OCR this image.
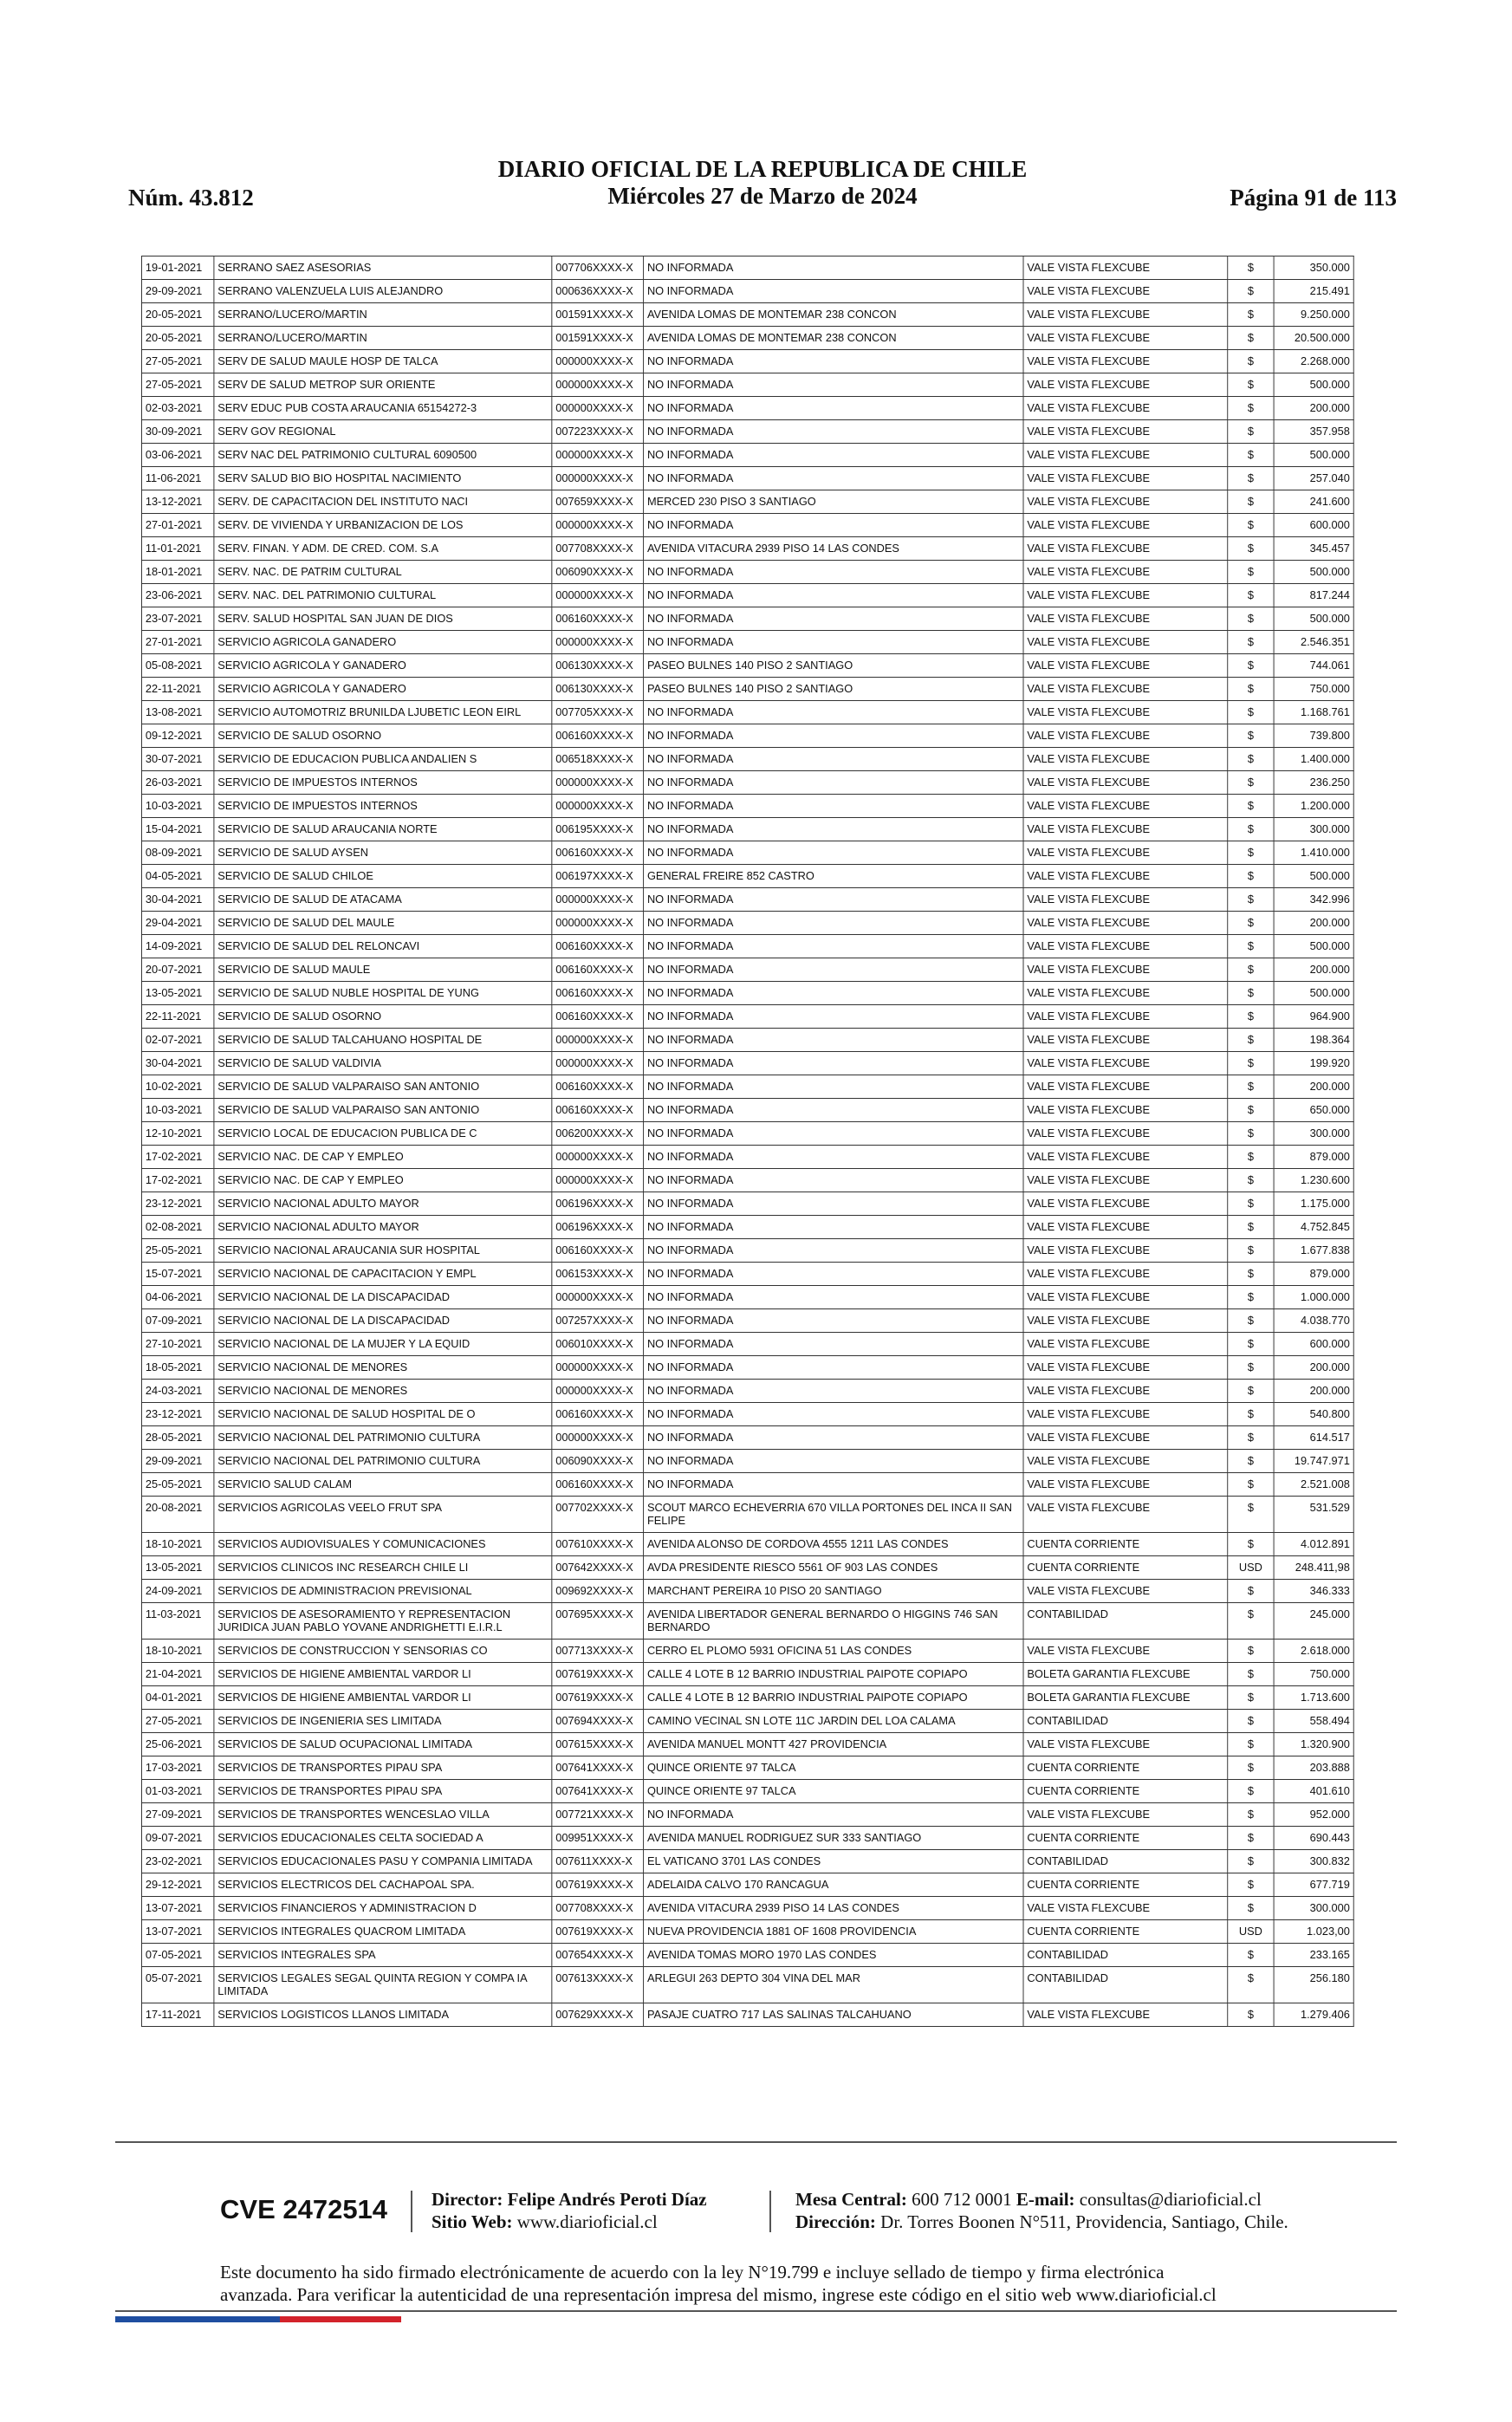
Núm. 43.812
DIARIO OFICIAL DE LA REPUBLICA DE CHILE
Miércoles 27 de Marzo de 2024	Página 91 de 113
19-01-2021	SERRANO SAEZ ASESORIAS	007706XXXX-X	NO INFORMADA	VALE VISTA FLEXCUBE	$	350.000
29-09-2021	SERRANO VALENZUELA LUIS ALEJANDRO	000636XXXX-X	NO INFORMADA	VALE VISTA FLEXCUBE	$	215.491
20-05-2021	SERRANO/LUCERO/MARTIN	001591XXXX-X	AVENIDA LOMAS DE MONTEMAR 238 CONCON	VALE VISTA FLEXCUBE	$	9.250.000
20-05-2021	SERRANO/LUCERO/MARTIN	001591XXXX-X	AVENIDA LOMAS DE MONTEMAR 238 CONCON	VALE VISTA FLEXCUBE	$	20.500.000
27-05-2021	SERV DE SALUD MAULE HOSP DE TALCA	000000XXXX-X	NO INFORMADA	VALE VISTA FLEXCUBE	$	2.268.000
27-05-2021	SERV DE SALUD METROP SUR ORIENTE	000000XXXX-X	NO INFORMADA	VALE VISTA FLEXCUBE	$	500.000
02-03-2021	SERV EDUC PUB COSTA ARAUCANIA 65154272-3	000000XXXX-X	NO INFORMADA	VALE VISTA FLEXCUBE	$	200.000
30-09-2021	SERV GOV REGIONAL	007223XXXX-X	NO INFORMADA	VALE VISTA FLEXCUBE	$	357.958
03-06-2021	SERV NAC DEL PATRIMONIO CULTURAL 6090500	000000XXXX-X	NO INFORMADA	VALE VISTA FLEXCUBE	$	500.000
11-06-2021	SERV SALUD BIO BIO HOSPITAL NACIMIENTO	000000XXXX-X	NO INFORMADA	VALE VISTA FLEXCUBE	$	257.040
13-12-2021	SERV. DE CAPACITACION DEL INSTITUTO NACI	007659XXXX-X	MERCED 230 PISO 3 SANTIAGO	VALE VISTA FLEXCUBE	$	241.600
27-01-2021	SERV. DE VIVIENDA Y URBANIZACION DE LOS	000000XXXX-X	NO INFORMADA	VALE VISTA FLEXCUBE	$	600.000
11-01-2021	SERV. FINAN. Y ADM. DE CRED. COM. S.A	007708XXXX-X	AVENIDA VITACURA 2939 PISO 14 LAS CONDES	VALE VISTA FLEXCUBE	$	345.457
18-01-2021	SERV. NAC. DE PATRIM CULTURAL	006090XXXX-X	NO INFORMADA	VALE VISTA FLEXCUBE	$	500.000
23-06-2021	SERV. NAC. DEL PATRIMONIO CULTURAL	000000XXXX-X	NO INFORMADA	VALE VISTA FLEXCUBE	$	817.244
23-07-2021	SERV. SALUD HOSPITAL SAN JUAN DE DIOS	006160XXXX-X	NO INFORMADA	VALE VISTA FLEXCUBE	$	500.000
27-01-2021	SERVICIO AGRICOLA GANADERO	000000XXXX-X	NO INFORMADA	VALE VISTA FLEXCUBE	$	2.546.351
05-08-2021	SERVICIO AGRICOLA Y GANADERO	006130XXXX-X	PASEO BULNES 140 PISO 2 SANTIAGO	VALE VISTA FLEXCUBE	$	744.061
22-11-2021	SERVICIO AGRICOLA Y GANADERO	006130XXXX-X	PASEO BULNES 140 PISO 2 SANTIAGO	VALE VISTA FLEXCUBE	$	750.000
13-08-2021	SERVICIO AUTOMOTRIZ BRUNILDA LJUBETIC LEON EIRL	007705XXXX-X	NO INFORMADA	VALE VISTA FLEXCUBE	$	1.168.761
09-12-2021	SERVICIO DE SALUD OSORNO	006160XXXX-X	NO INFORMADA	VALE VISTA FLEXCUBE	$	739.800
30-07-2021	SERVICIO DE EDUCACION PUBLICA ANDALIEN S	006518XXXX-X	NO INFORMADA	VALE VISTA FLEXCUBE	$	1.400.000
26-03-2021	SERVICIO DE IMPUESTOS INTERNOS	000000XXXX-X	NO INFORMADA	VALE VISTA FLEXCUBE	$	236.250
10-03-2021	SERVICIO DE IMPUESTOS INTERNOS	000000XXXX-X	NO INFORMADA	VALE VISTA FLEXCUBE	$	1.200.000
15-04-2021	SERVICIO DE SALUD ARAUCANIA NORTE	006195XXXX-X	NO INFORMADA	VALE VISTA FLEXCUBE	$	300.000
08-09-2021	SERVICIO DE SALUD AYSEN	006160XXXX-X	NO INFORMADA	VALE VISTA FLEXCUBE	$	1.410.000
04-05-2021	SERVICIO DE SALUD CHILOE	006197XXXX-X	GENERAL FREIRE 852 CASTRO	VALE VISTA FLEXCUBE	$	500.000
30-04-2021	SERVICIO DE SALUD DE ATACAMA	000000XXXX-X	NO INFORMADA	VALE VISTA FLEXCUBE	$	342.996
29-04-2021	SERVICIO DE SALUD DEL MAULE	000000XXXX-X	NO INFORMADA	VALE VISTA FLEXCUBE	$	200.000
14-09-2021	SERVICIO DE SALUD DEL RELONCAVI	006160XXXX-X	NO INFORMADA	VALE VISTA FLEXCUBE	$	500.000
20-07-2021	SERVICIO DE SALUD MAULE	006160XXXX-X	NO INFORMADA	VALE VISTA FLEXCUBE	$	200.000
13-05-2021	SERVICIO DE SALUD NUBLE HOSPITAL DE YUNG	006160XXXX-X	NO INFORMADA	VALE VISTA FLEXCUBE	$	500.000
22-11-2021	SERVICIO DE SALUD OSORNO	006160XXXX-X	NO INFORMADA	VALE VISTA FLEXCUBE	$	964.900
02-07-2021	SERVICIO DE SALUD TALCAHUANO HOSPITAL DE	000000XXXX-X	NO INFORMADA	VALE VISTA FLEXCUBE	$	198.364
30-04-2021	SERVICIO DE SALUD VALDIVIA	000000XXXX-X	NO INFORMADA	VALE VISTA FLEXCUBE	$	199.920
10-02-2021	SERVICIO DE SALUD VALPARAISO SAN ANTONIO	006160XXXX-X	NO INFORMADA	VALE VISTA FLEXCUBE	$	200.000
10-03-2021	SERVICIO DE SALUD VALPARAISO SAN ANTONIO	006160XXXX-X	NO INFORMADA	VALE VISTA FLEXCUBE	$	650.000
12-10-2021	SERVICIO LOCAL DE EDUCACION PUBLICA DE C	006200XXXX-X	NO INFORMADA	VALE VISTA FLEXCUBE	$	300.000
17-02-2021	SERVICIO NAC. DE CAP Y EMPLEO	000000XXXX-X	NO INFORMADA	VALE VISTA FLEXCUBE	$	879.000
17-02-2021	SERVICIO NAC. DE CAP Y EMPLEO	000000XXXX-X	NO INFORMADA	VALE VISTA FLEXCUBE	$	1.230.600
23-12-2021	SERVICIO NACIONAL ADULTO MAYOR	006196XXXX-X	NO INFORMADA	VALE VISTA FLEXCUBE	$	1.175.000
02-08-2021	SERVICIO NACIONAL ADULTO MAYOR	006196XXXX-X	NO INFORMADA	VALE VISTA FLEXCUBE	$	4.752.845
25-05-2021	SERVICIO NACIONAL ARAUCANIA SUR HOSPITAL	006160XXXX-X	NO INFORMADA	VALE VISTA FLEXCUBE	$	1.677.838
15-07-2021	SERVICIO NACIONAL DE CAPACITACION Y EMPL	006153XXXX-X	NO INFORMADA	VALE VISTA FLEXCUBE	$	879.000
04-06-2021	SERVICIO NACIONAL DE LA DISCAPACIDAD	000000XXXX-X	NO INFORMADA	VALE VISTA FLEXCUBE	$	1.000.000
07-09-2021	SERVICIO NACIONAL DE LA DISCAPACIDAD	007257XXXX-X	NO INFORMADA	VALE VISTA FLEXCUBE	$	4.038.770
27-10-2021	SERVICIO NACIONAL DE LA MUJER Y LA EQUID	006010XXXX-X	NO INFORMADA	VALE VISTA FLEXCUBE	$	600.000
18-05-2021	SERVICIO NACIONAL DE MENORES	000000XXXX-X	NO INFORMADA	VALE VISTA FLEXCUBE	$	200.000
24-03-2021	SERVICIO NACIONAL DE MENORES	000000XXXX-X	NO INFORMADA	VALE VISTA FLEXCUBE	$	200.000
23-12-2021	SERVICIO NACIONAL DE SALUD HOSPITAL DE O	006160XXXX-X	NO INFORMADA	VALE VISTA FLEXCUBE	$	540.800
28-05-2021	SERVICIO NACIONAL DEL PATRIMONIO CULTURA	000000XXXX-X	NO INFORMADA	VALE VISTA FLEXCUBE	$	614.517
29-09-2021	SERVICIO NACIONAL DEL PATRIMONIO CULTURA	006090XXXX-X	NO INFORMADA	VALE VISTA FLEXCUBE	$	19.747.971
25-05-2021	SERVICIO SALUD CALAM	006160XXXX-X	NO INFORMADA	VALE VISTA FLEXCUBE	$	2.521.008
20-08-2021	SERVICIOS AGRICOLAS VEELO FRUT SPA	007702XXXX-X	SCOUT MARCO ECHEVERRIA 670 VILLA PORTONES DEL INCA II SAN FELIPE	VALE VISTA FLEXCUBE	$	531.529
18-10-2021	SERVICIOS AUDIOVISUALES Y COMUNICACIONES	007610XXXX-X	AVENIDA ALONSO DE CORDOVA 4555 1211 LAS CONDES	CUENTA CORRIENTE	$	4.012.891
13-05-2021	SERVICIOS CLINICOS INC RESEARCH CHILE LI	007642XXXX-X	AVDA PRESIDENTE RIESCO 5561 OF 903 LAS CONDES	CUENTA CORRIENTE	USD	248.411,98
24-09-2021	SERVICIOS DE ADMINISTRACION PREVISIONAL	009692XXXX-X	MARCHANT PEREIRA 10 PISO 20 SANTIAGO	VALE VISTA FLEXCUBE	$	346.333
11-03-2021	SERVICIOS DE ASESORAMIENTO Y REPRESENTACION JURIDICA JUAN PABLO YOVANE ANDRIGHETTI E.I.R.L	007695XXXX-X	AVENIDA LIBERTADOR GENERAL BERNARDO O HIGGINS 746 SAN BERNARDO	CONTABILIDAD	$	245.000
18-10-2021	SERVICIOS DE CONSTRUCCION Y SENSORIAS CO	007713XXXX-X	CERRO EL PLOMO 5931 OFICINA 51 LAS CONDES	VALE VISTA FLEXCUBE	$	2.618.000
21-04-2021	SERVICIOS DE HIGIENE AMBIENTAL VARDOR LI	007619XXXX-X	CALLE 4 LOTE B 12 BARRIO INDUSTRIAL PAIPOTE COPIAPO	BOLETA GARANTIA FLEXCUBE	$	750.000
04-01-2021	SERVICIOS DE HIGIENE AMBIENTAL VARDOR LI	007619XXXX-X	CALLE 4 LOTE B 12 BARRIO INDUSTRIAL PAIPOTE COPIAPO	BOLETA GARANTIA FLEXCUBE	$	1.713.600
27-05-2021	SERVICIOS DE INGENIERIA SES LIMITADA	007694XXXX-X	CAMINO VECINAL SN LOTE 11C JARDIN DEL LOA CALAMA	CONTABILIDAD	$	558.494
25-06-2021	SERVICIOS DE SALUD OCUPACIONAL LIMITADA	007615XXXX-X	AVENIDA MANUEL MONTT 427 PROVIDENCIA	VALE VISTA FLEXCUBE	$	1.320.900
17-03-2021	SERVICIOS DE TRANSPORTES PIPAU SPA	007641XXXX-X	QUINCE ORIENTE 97 TALCA	CUENTA CORRIENTE	$	203.888
01-03-2021	SERVICIOS DE TRANSPORTES PIPAU SPA	007641XXXX-X	QUINCE ORIENTE 97 TALCA	CUENTA CORRIENTE	$	401.610
27-09-2021	SERVICIOS DE TRANSPORTES WENCESLAO VILLA	007721XXXX-X	NO INFORMADA	VALE VISTA FLEXCUBE	$	952.000
09-07-2021	SERVICIOS EDUCACIONALES CELTA SOCIEDAD A	009951XXXX-X	AVENIDA MANUEL RODRIGUEZ SUR 333 SANTIAGO	CUENTA CORRIENTE	$	690.443
23-02-2021	SERVICIOS EDUCACIONALES PASU Y COMPANIA LIMITADA	007611XXXX-X	EL VATICANO 3701 LAS CONDES	CONTABILIDAD	$	300.832
29-12-2021	SERVICIOS ELECTRICOS DEL CACHAPOAL SPA.	007619XXXX-X	ADELAIDA CALVO 170 RANCAGUA	CUENTA CORRIENTE	$	677.719
13-07-2021	SERVICIOS FINANCIEROS Y ADMINISTRACION D	007708XXXX-X	AVENIDA VITACURA 2939 PISO 14 LAS CONDES	VALE VISTA FLEXCUBE	$	300.000
13-07-2021	SERVICIOS INTEGRALES QUACROM LIMITADA	007619XXXX-X	NUEVA PROVIDENCIA 1881 OF 1608 PROVIDENCIA	CUENTA CORRIENTE	USD	1.023,00
07-05-2021	SERVICIOS INTEGRALES SPA	007654XXXX-X	AVENIDA TOMAS MORO 1970 LAS CONDES	CONTABILIDAD	$	233.165
05-07-2021	SERVICIOS LEGALES SEGAL QUINTA REGION Y COMPA IA LIMITADA	007613XXXX-X	ARLEGUI 263 DEPTO 304 VINA DEL MAR	CONTABILIDAD	$	256.180
17-11-2021	SERVICIOS LOGISTICOS LLANOS LIMITADA	007629XXXX-X	PASAJE CUATRO 717 LAS SALINAS TALCAHUANO	VALE VISTA FLEXCUBE	$	1.279.406
CVE 2472514 Director: Felipe Andrés Peroti Díaz
Sitio Web: www.diarioficial.cl
Mesa Central: 600 712 0001 E-mail: consultas@diarioficial.cl
Dirección: Dr. Torres Boonen N°511, Providencia, Santiago, Chile.
Este documento ha sido firmado electrónicamente de acuerdo con la ley N°19.799 e incluye sellado de tiempo y firma electrónica
avanzada. Para verificar la autenticidad de una representación impresa del mismo, ingrese este código en el sitio web www.diarioficial.cl
